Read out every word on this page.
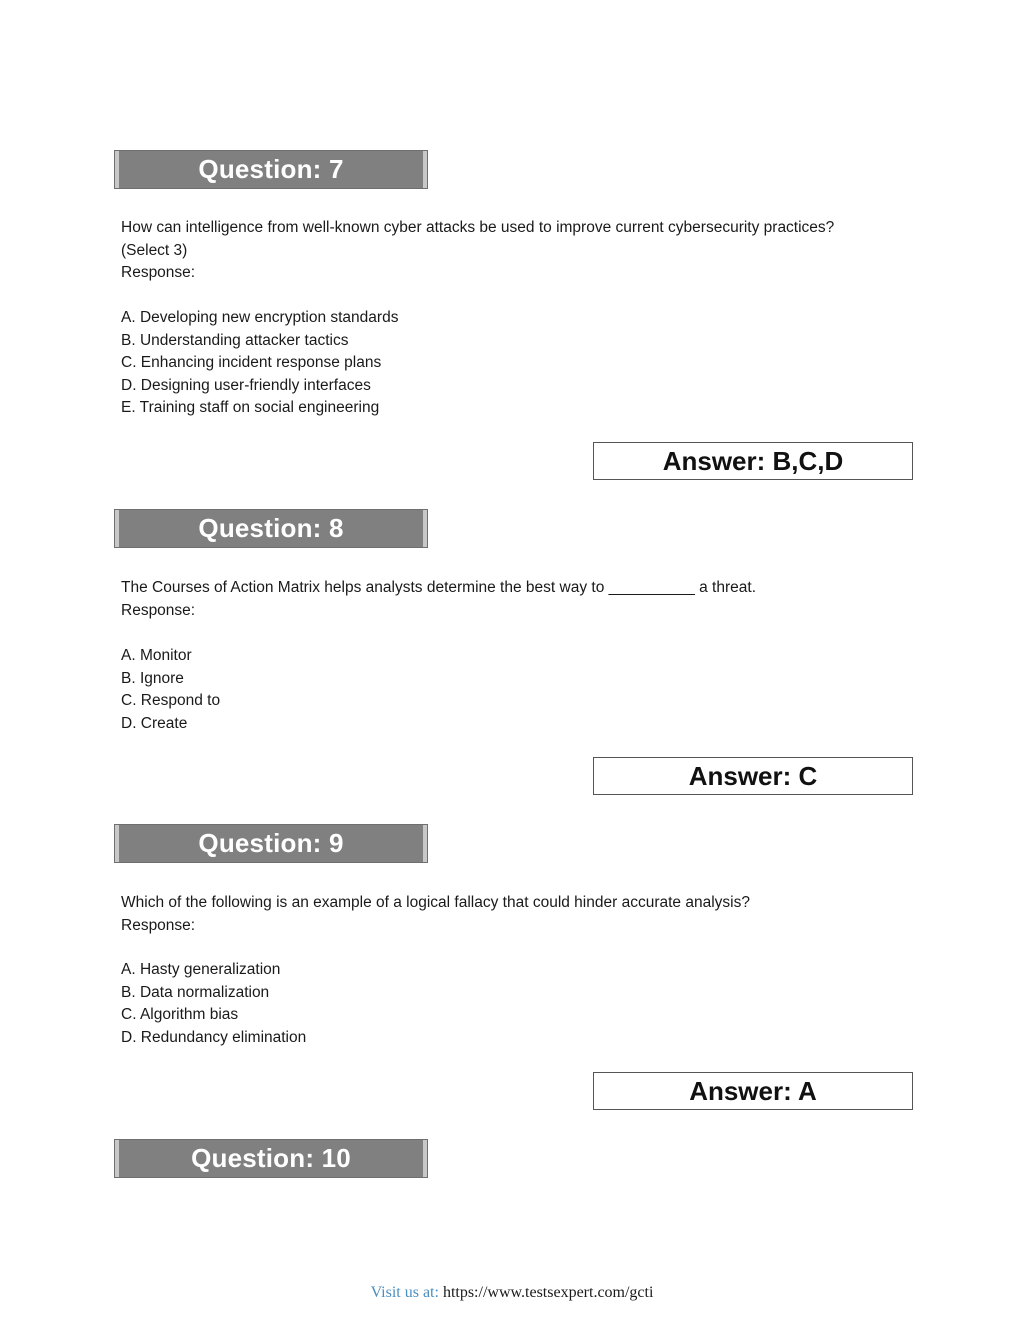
Question: 7
How can intelligence from well-known cyber attacks be used to improve current cybersecurity practices?
(Select 3)
Response:
A. Developing new encryption standards
B. Understanding attacker tactics
C. Enhancing incident response plans
D. Designing user-friendly interfaces
E. Training staff on social engineering
Answer: B,C,D
Question: 8
The Courses of Action Matrix helps analysts determine the best way to __________ a threat.
Response:
A. Monitor
B. Ignore
C. Respond to
D. Create
Answer: C
Question: 9
Which of the following is an example of a logical fallacy that could hinder accurate analysis?
Response:
A. Hasty generalization
B. Data normalization
C. Algorithm bias
D. Redundancy elimination
Answer: A
Question: 10
Visit us at: https://www.testsexpert.com/gcti
